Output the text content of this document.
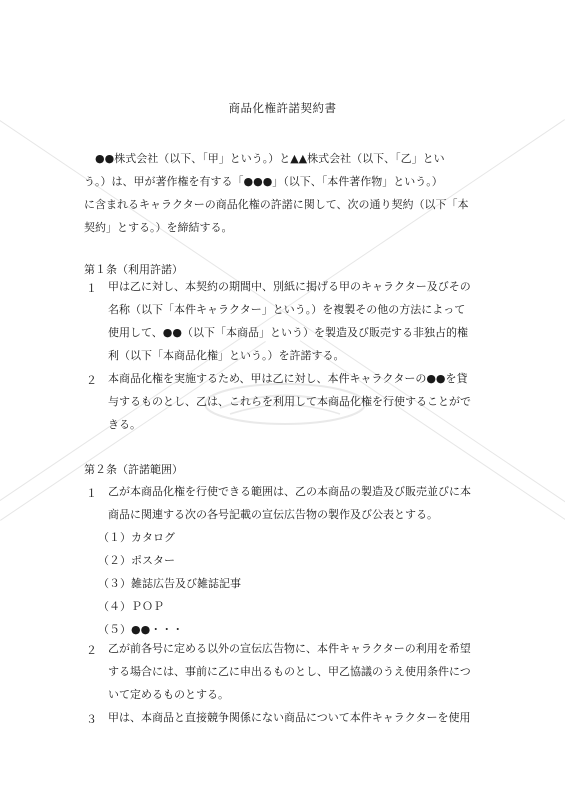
商品化権許諾契約書
●●株式会社（以下、「甲」という。）と▲▲株式会社（以下、「乙」とい
う。）は、甲が著作権を有する「●●●」（以下、「本件著作物」という。）
に含まれるキャラクターの商品化権の許諾に関して、次の通り契約（以下「本
契約」とする。）を締結する。
第１条（利用許諾）
１ 甲は乙に対し、本契約の期間中、別紙に掲げる甲のキャラクター及びその
名称（以下「本件キャラクター」という。）を複製その他の方法によって
使用して、●●（以下「本商品」という）を製造及び販売する非独占的権
利（以下「本商品化権」という。）を許諾する。
２ 本商品化権を実施するため、甲は乙に対し、本件キャラクターの●●を貸
与するものとし、乙は、これらを利用して本商品化権を行使することがで
きる。
第２条（許諾範囲）
１ 乙が本商品化権を行使できる範囲は、乙の本商品の製造及び販売並びに本
商品に関連する次の各号記載の宣伝広告物の製作及び公表とする。
（１）カタログ
（２）ポスター
（３）雑誌広告及び雑誌記事
（４）ＰＯＰ
（５）●●・・・
２ 乙が前各号に定める以外の宣伝広告物に、本件キャラクターの利用を希望
する場合には、事前に乙に申出るものとし、甲乙協議のうえ使用条件につ
いて定めるものとする。
３ 甲は、本商品と直接競争関係にない商品について本件キャラクターを使用
